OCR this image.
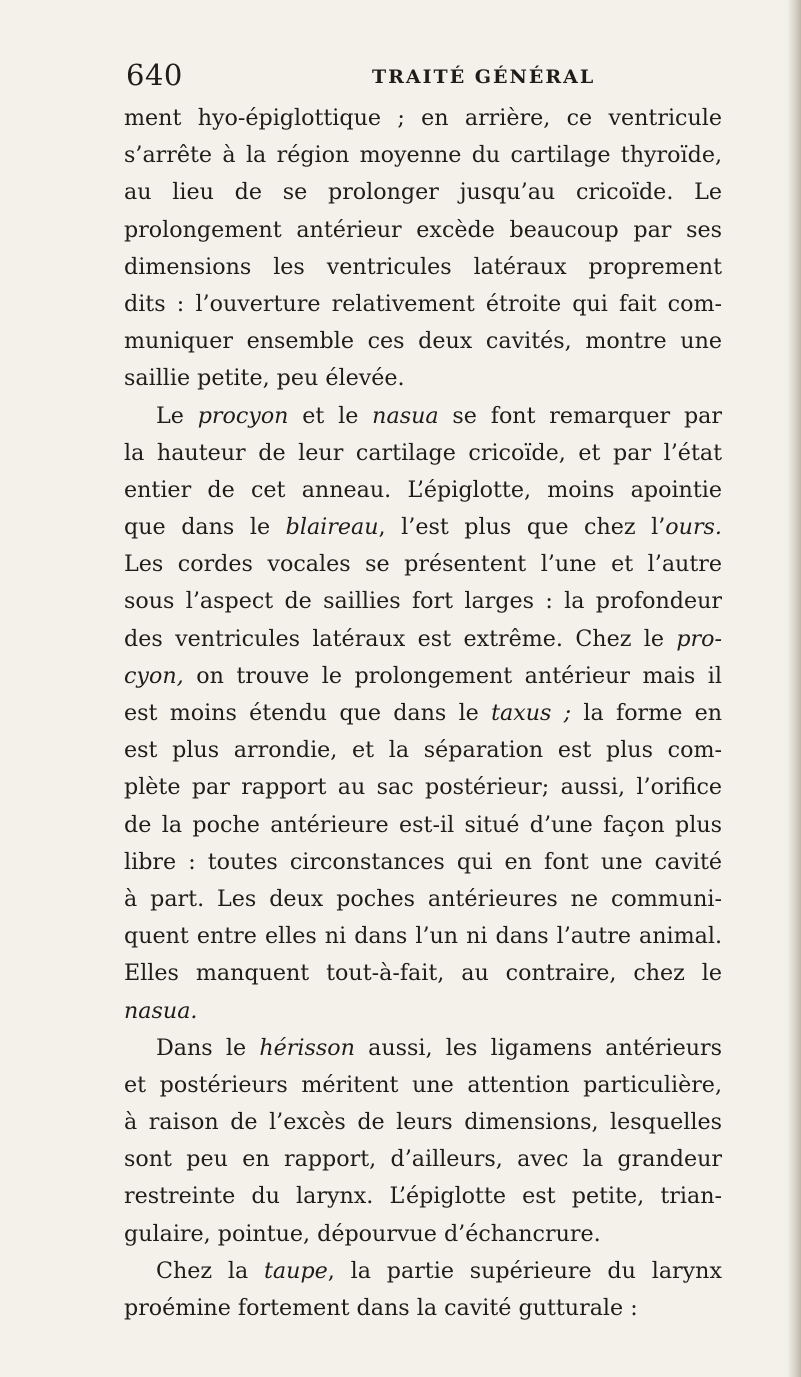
640	TRAITÉ GÉNÉRAL
ment hyo-épiglottique ; en arrière, ce ventricule
s’arrête à la région moyenne du cartilage thyroïde,
au lieu de se prolonger jusqu’au cricoïde. Le
prolongement antérieur excède beaucoup par ses
dimensions les ventricules latéraux proprement
dits : l’ouverture relativement étroite qui fait com-
muniquer ensemble ces deux cavités, montre une
saillie petite, peu élevée.
Le procyon et le nasua se font remarquer par
la hauteur de leur cartilage cricoïde, et par l’état
entier de cet anneau. L’épiglotte, moins apointie
que dans le blaireau, l’est plus que chez l’ours.
Les cordes vocales se présentent l’une et l’autre
sous l’aspect de saillies fort larges : la profondeur
des ventricules latéraux est extrême. Chez le pro-
cyon, on trouve le prolongement antérieur mais il
est moins étendu que dans le taxus ; la forme en
est plus arrondie, et la séparation est plus com-
plète par rapport au sac postérieur; aussi, l’orifice
de la poche antérieure est-il situé d’une façon plus
libre : toutes circonstances qui en font une cavité
à part. Les deux poches antérieures ne communi-
quent entre elles ni dans l’un ni dans l’autre animal.
Elles manquent tout-à-fait, au contraire, chez le
nasua.
Dans le hérisson aussi, les ligamens antérieurs
et postérieurs méritent une attention particulière,
à raison de l’excès de leurs dimensions, lesquelles
sont peu en rapport, d’ailleurs, avec la grandeur
restreinte du larynx. L’épiglotte est petite, trian-
gulaire, pointue, dépourvue d’échancrure.
Chez la taupe, la partie supérieure du larynx
proémine fortement dans la cavité gutturale :
